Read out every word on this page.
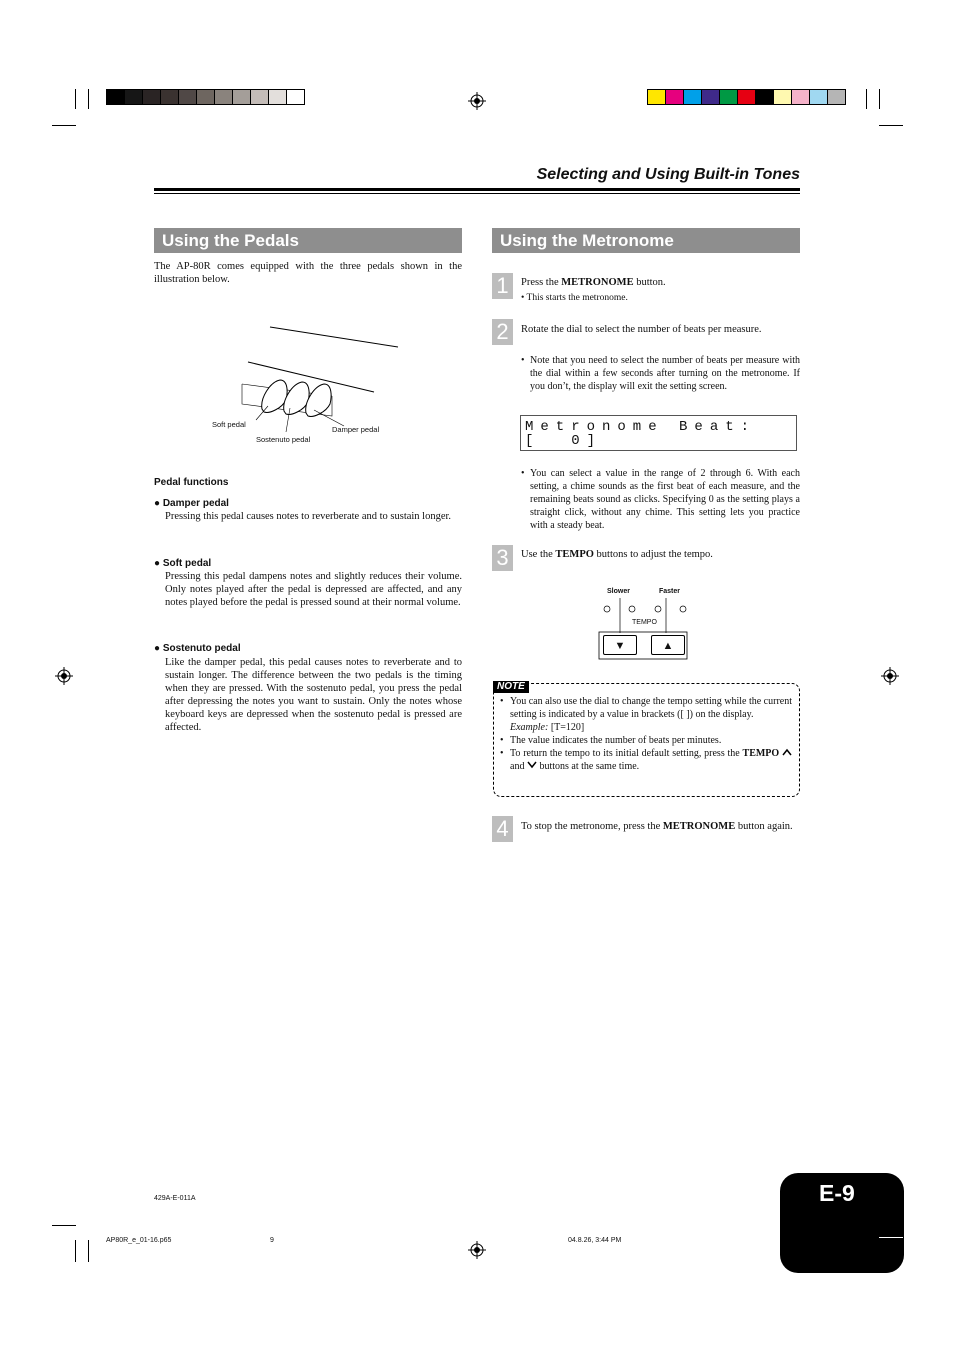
Selecting and Using Built-in Tones
Using the Pedals
The AP-80R comes equipped with the three pedals shown in the illustration below.
Soft pedal
Sostenuto pedal
Damper pedal
Pedal functions
● Damper pedal
Pressing this pedal causes notes to reverberate and to sustain longer.
● Soft pedal
Pressing this pedal dampens notes and slightly reduces their volume. Only notes played after the pedal is depressed are affected, and any notes played before the pedal is pressed sound at their normal volume.
● Sostenuto pedal
Like the damper pedal, this pedal causes notes to reverberate and to sustain longer. The difference between the two pedals is the timing when they are pressed. With the sostenuto pedal, you press the pedal after depressing the notes you want to sustain. Only the notes whose keyboard keys are depressed when the sostenuto pedal is pressed are affected.
Using the Metronome
1	Press the METRONOME button.
• This starts the metronome.
2	Rotate the dial to select the number of beats per measure.
• Note that you need to select the number of beats per measure with the dial within a few seconds after turning on the metronome. If you don’t, the display will exit the setting screen.
Metronome Beat:
[  0]
• You can select a value in the range of 2 through 6. With each setting, a chime sounds as the first beat of each measure, and the remaining beats sound as clicks. Specifying 0 as the setting plays a straight click, without any chime. This setting lets you practice with a steady beat.
3	Use the TEMPO buttons to adjust the tempo.
Slower	Faster
TEMPO
▼	▲
NOTE
• You can also use the dial to change the tempo setting while the current setting is indicated by a value in brackets ([ ]) on the display.
Example: [T=120]
• The value indicates the number of beats per minutes.
• To return the tempo to its initial default setting, press the TEMPO  and buttons at the same time.
4	To stop the metronome, press the METRONOME button again.
429A-E-011A
AP80R_e_01-16.p65	9	04.8.26, 3:44 PM
E-9
